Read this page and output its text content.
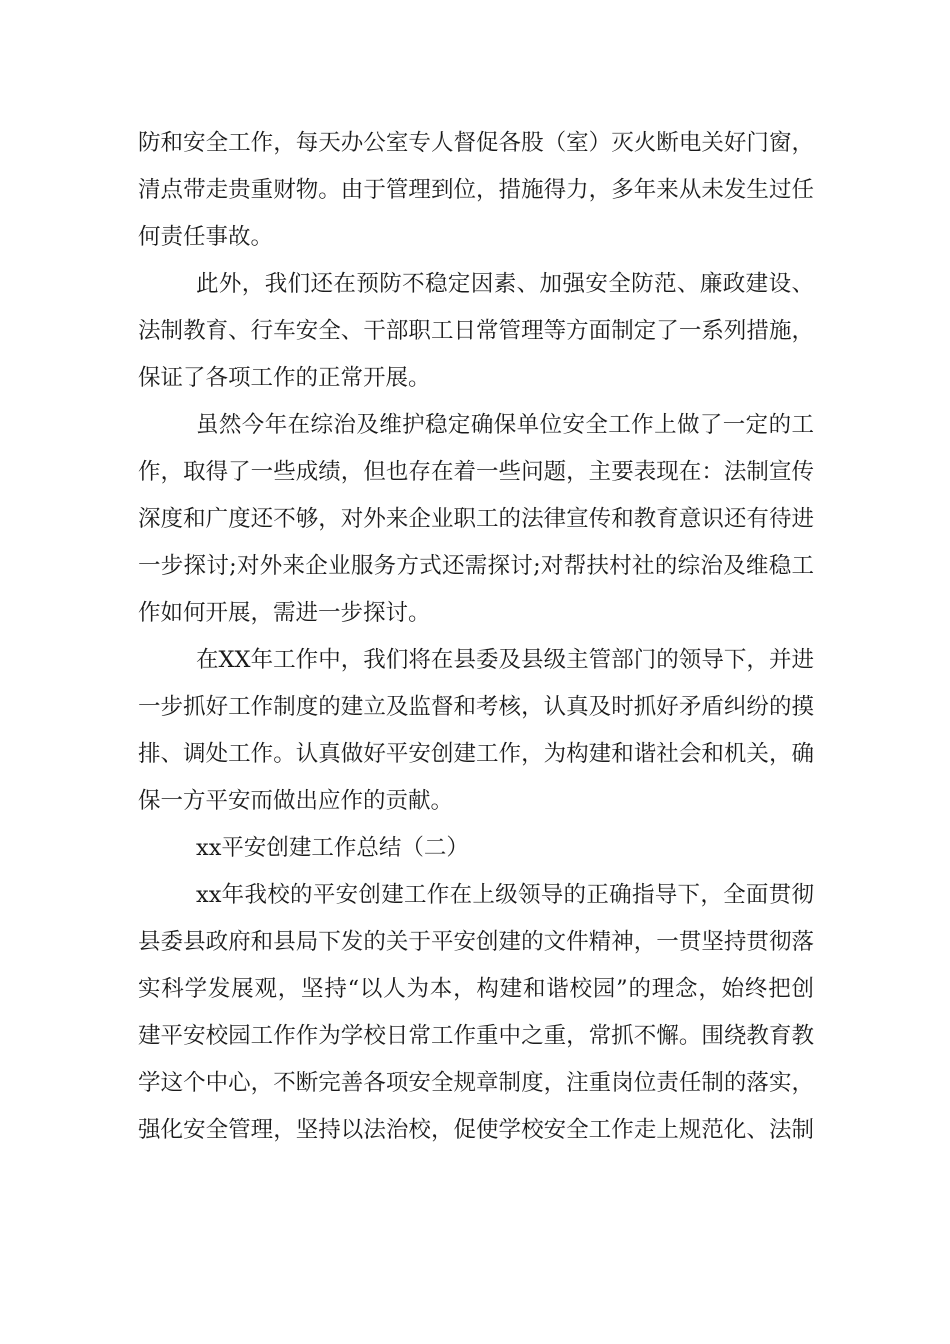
防和安全工作，每天办公室专人督促各股（室）灭火断电关好门窗，
清点带走贵重财物。由于管理到位，措施得力，多年来从未发生过任
何责任事故。
此外，我们还在预防不稳定因素、加强安全防范、廉政建设、
法制教育、行车安全、干部职工日常管理等方面制定了一系列措施，
保证了各项工作的正常开展。
虽然今年在综治及维护稳定确保单位安全工作上做了一定的工
作，取得了一些成绩，但也存在着一些问题，主要表现在：法制宣传
深度和广度还不够，对外来企业职工的法律宣传和教育意识还有待进
一步探讨;对外来企业服务方式还需探讨;对帮扶村社的综治及维稳工
作如何开展，需进一步探讨。
在XX年工作中，我们将在县委及县级主管部门的领导下，并进
一步抓好工作制度的建立及监督和考核，认真及时抓好矛盾纠纷的摸
排、调处工作。认真做好平安创建工作，为构建和谐社会和机关，确
保一方平安而做出应作的贡献。
xx平安创建工作总结（二）
xx年我校的平安创建工作在上级领导的正确指导下，全面贯彻
县委县政府和县局下发的关于平安创建的文件精神，一贯坚持贯彻落
实科学发展观，坚持“以人为本，构建和谐校园”的理念，始终把创
建平安校园工作作为学校日常工作重中之重，常抓不懈。围绕教育教
学这个中心，不断完善各项安全规章制度，注重岗位责任制的落实，
强化安全管理，坚持以法治校，促使学校安全工作走上规范化、法制
